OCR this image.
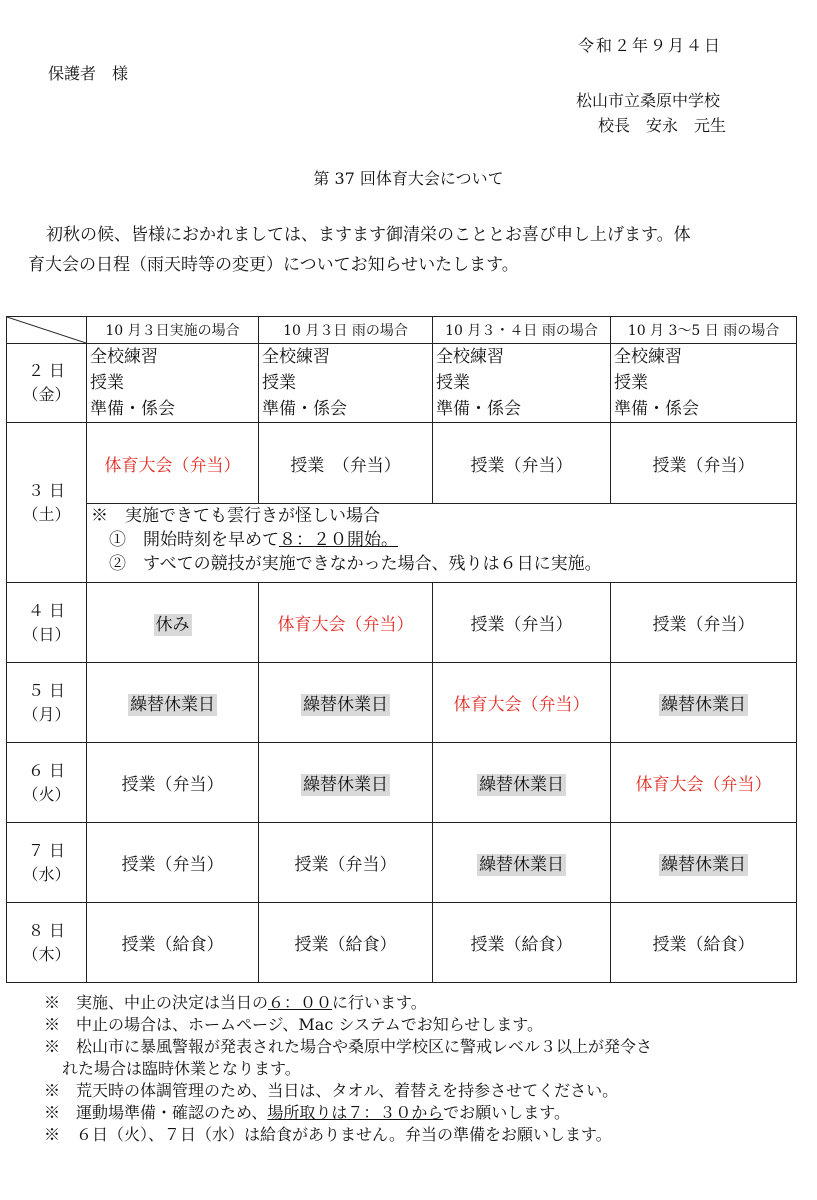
令和２年９月４日
保護者　様
松山市立桑原中学校
校長　安永　元生
第 37 回体育大会について
初秋の候、皆様におかれましては、ますます御清栄のこととお喜び申し上げます。体
育大会の日程（雨天時等の変更）についてお知らせいたします。
	10 月３日実施の場合	10 月３日 雨の場合	10 月３・４日 雨の場合	10 月 3～5 日 雨の場合

２ 日
（金）	全校練習
授業
準備・係会	全校練習
授業
準備・係会	全校練習
授業
準備・係会	全校練習
授業
準備・係会

３ 日
（土）	体育大会（弁当）	授業　（弁当）	授業（弁当）	授業（弁当）

	※　実施できても雲行きが怪しい場合
①　開始時刻を早めて８：２０開始。
②　すべての競技が実施できなかった場合、残りは６日に実施。			

４ 日
（日）	休み	体育大会（弁当）	授業（弁当）	授業（弁当）

５ 日
（月）	繰替休業日	繰替休業日	体育大会（弁当）	繰替休業日

６ 日
（火）	授業（弁当）	繰替休業日	繰替休業日	体育大会（弁当）

７ 日
（水）	授業（弁当）	授業（弁当）	繰替休業日	繰替休業日

８ 日
（木）	授業（給食）	授業（給食）	授業（給食）	授業（給食）
※　実施、中止の決定は当日の６：００に行います。
※　中止の場合は、ホームページ、Mac システムでお知らせします。
※　松山市に暴風警報が発表された場合や桑原中学校区に警戒レベル３以上が発令さ
れた場合は臨時休業となります。
※　荒天時の体調管理のため、当日は、タオル、着替えを持参させてください。
※　運動場準備・確認のため、場所取りは７：３０からでお願いします。
※　６日（火）、７日（水）は給食がありません。弁当の準備をお願いします。
